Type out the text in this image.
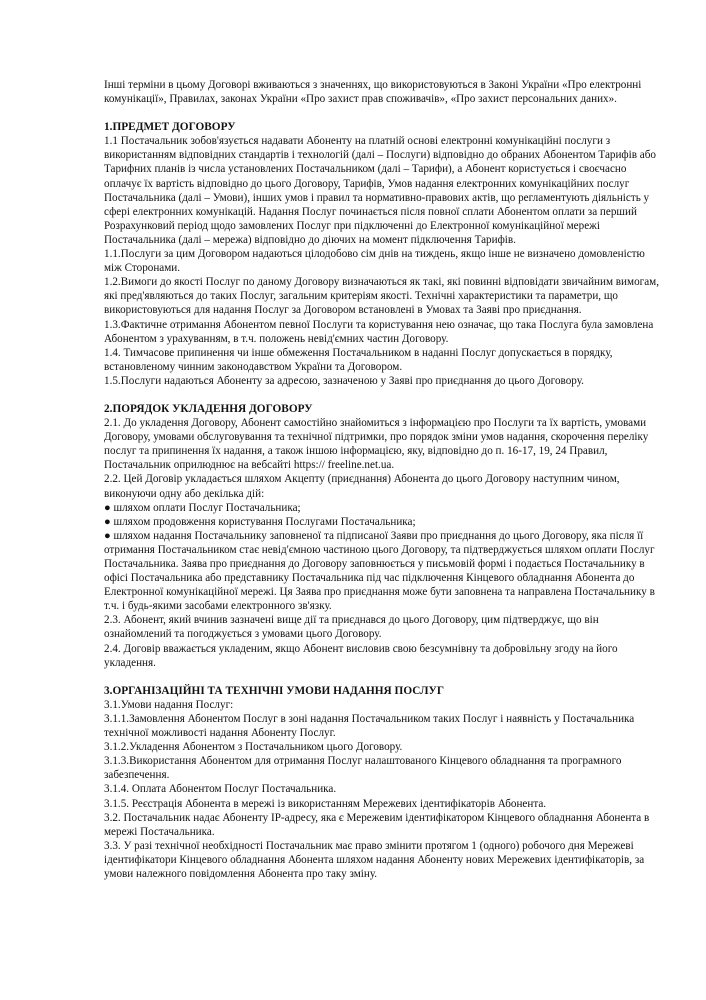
Інші терміни в цьому Договорі вживаються з значеннях, що використовуються в Законі України «Про електронні комунікації», Правилах, законах України «Про захист прав споживачів», «Про захист персональних даних».

1.ПРЕДМЕТ ДОГОВОРУ

1.1 Постачальник зобов'язується надавати Абоненту на платній основі електронні комунікаційні послуги з використанням відповідних стандартів і технологій (далі – Послуги) відповідно до обраних Абонентом Тарифів або Тарифних планів із числа установлених Постачальником (далі – Тарифи), а Абонент користується і своєчасно оплачує їх вартість відповідно до цього Договору, Тарифів, Умов надання електронних комунікаційних послуг Постачальника (далі – Умови), інших умов і правил та нормативно-правових актів, що регламентують діяльність у сфері електронних комунікацій. Надання Послуг починається після повної сплати Абонентом оплати за перший Розрахунковий період щодо замовлених Послуг при підключенні до Електронної комунікаційної мережі Постачальника (далі – мережа) відповідно до діючих на момент підключення Тарифів.

1.1.Послуги за цим Договором надаються цілодобово сім днів на тиждень, якщо інше не визначено домовленістю між Сторонами.

1.2.Вимоги до якості Послуг по даному Договору визначаються як такі, які повинні відповідати звичайним вимогам, які пред'являються до таких Послуг, загальним критеріям якості. Технічні характеристики та параметри, що використовуються для надання Послуг за Договором встановлені в Умовах та Заяві про приєднання.

1.3.Фактичне отримання Абонентом певної Послуги та користування нею означає, що така Послуга була замовлена Абонентом з урахуванням, в т.ч. положень невід'ємних частин Договору.

1.4. Тимчасове припинення чи інше обмеження Постачальником в наданні Послуг допускається в порядку, встановленому чинним законодавством України та Договором.

1.5.Послуги надаються Абоненту за адресою, зазначеною у Заяві про приєднання до цього Договору.

2.ПОРЯДОК УКЛАДЕННЯ ДОГОВОРУ

2.1. До укладення Договору, Абонент самостійно знайомиться з інформацією про Послуги та їх вартість, умовами Договору, умовами обслуговування та технічної підтримки, про порядок зміни умов надання, скорочення переліку послуг та припинення їх надання, а також іншою інформацією, яку, відповідно до п. 16-17, 19, 24 Правил, Постачальник оприлюднює на вебсайті https:// freeline.net.ua.

2.2. Цей Договір укладається шляхом Акцепту (приєднання) Абонента до цього Договору наступним чином, виконуючи одну або декілька дій:

● шляхом оплати Послуг Постачальника;

● шляхом продовження користування Послугами Постачальника;

● шляхом надання Постачальнику заповненої та підписаної Заяви про приєднання до цього Договору, яка після її отримання Постачальником стає невід'ємною частиною цього Договору, та підтверджується шляхом оплати Послуг Постачальника. Заява про приєднання до Договору заповнюється у письмовій формі і подається Постачальнику в офісі Постачальника або представнику Постачальника під час підключення Кінцевого обладнання Абонента до Електронної комунікаційної мережі. Ця Заява про приєднання може бути заповнена та направлена Постачальнику в т.ч. і будь-якими засобами електронного зв'язку.

2.3. Абонент, який вчинив зазначені вище дії та приєднався до цього Договору, цим підтверджує, що він ознайомлений та погоджується з умовами цього Договору.

2.4. Договір вважається укладеним, якщо Абонент висловив свою безсумнівну та добровільну згоду на його укладення.

3.ОРГАНІЗАЦІЙНІ ТА ТЕХНІЧНІ УМОВИ НАДАННЯ ПОСЛУГ

3.1.Умови надання Послуг:

3.1.1.Замовлення Абонентом Послуг в зоні надання Постачальником таких Послуг і наявність у Постачальника технічної можливості надання Абоненту Послуг.

3.1.2.Укладення Абонентом з Постачальником цього Договору.

3.1.3.Використання Абонентом для отримання Послуг налаштованого Кінцевого обладнання та програмного забезпечення.

3.1.4. Оплата Абонентом Послуг Постачальника.

3.1.5. Реєстрація Абонента в мережі із використанням Мережевих ідентифікаторів Абонента.

3.2. Постачальник надає Абоненту IP-адресу, яка є Мережевим ідентифікатором Кінцевого обладнання Абонента в мережі Постачальника.

3.3. У разі технічної необхідності Постачальник має право змінити протягом 1 (одного) робочого дня Мережеві ідентифікатори Кінцевого обладнання Абонента шляхом надання Абоненту нових Мережевих ідентифікаторів, за умови належного повідомлення Абонента про таку зміну.
